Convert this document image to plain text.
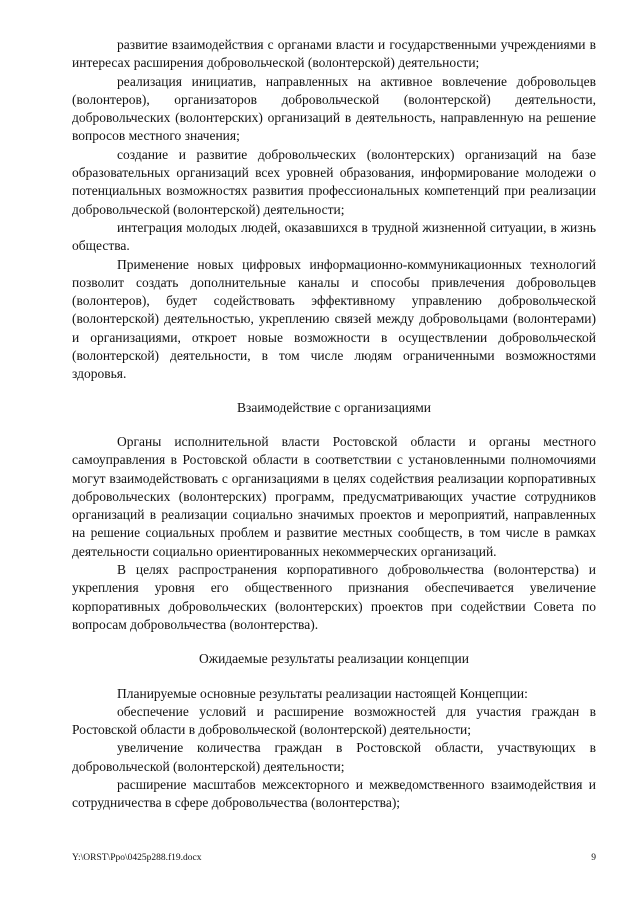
развитие взаимодействия с органами власти и государственными учреждениями в интересах расширения добровольческой (волонтерской) деятельности;

реализация инициатив, направленных на активное вовлечение добровольцев (волонтеров), организаторов добровольческой (волонтерской) деятельности, добровольческих (волонтерских) организаций в деятельность, направленную на решение вопросов местного значения;

создание и развитие добровольческих (волонтерских) организаций на базе образовательных организаций всех уровней образования, информирование молодежи о потенциальных возможностях развития профессиональных компетенций при реализации добровольческой (волонтерской) деятельности;

интеграция молодых людей, оказавшихся в трудной жизненной ситуации, в жизнь общества.

Применение новых цифровых информационно-коммуникационных технологий позволит создать дополнительные каналы и способы привлечения добровольцев (волонтеров), будет содействовать эффективному управлению добровольческой (волонтерской) деятельностью, укреплению связей между добровольцами (волонтерами) и организациями, откроет новые возможности в осуществлении добровольческой (волонтерской) деятельности, в том числе людям ограниченными возможностями здоровья.

Взаимодействие с организациями

Органы исполнительной власти Ростовской области и органы местного самоуправления в Ростовской области в соответствии с установленными полномочиями могут взаимодействовать с организациями в целях содействия реализации корпоративных добровольческих (волонтерских) программ, предусматривающих участие сотрудников организаций в реализации социально значимых проектов и мероприятий, направленных на решение социальных проблем и развитие местных сообществ, в том числе в рамках деятельности социально ориентированных некоммерческих организаций.

В целях распространения корпоративного добровольчества (волонтерства) и укрепления уровня его общественного признания обеспечивается увеличение корпоративных добровольческих (волонтерских) проектов при содействии Совета по вопросам добровольчества (волонтерства).

Ожидаемые результаты реализации концепции

Планируемые основные результаты реализации настоящей Концепции:

обеспечение условий и расширение возможностей для участия граждан в Ростовской области в добровольческой (волонтерской) деятельности;

увеличение количества граждан в Ростовской области, участвующих в добровольческой (волонтерской) деятельности;

расширение масштабов межсекторного и межведомственного взаимодействия и сотрудничества в сфере добровольчества (волонтерства);

Y:\ORST\Ppo\0425p288.f19.docx	9
